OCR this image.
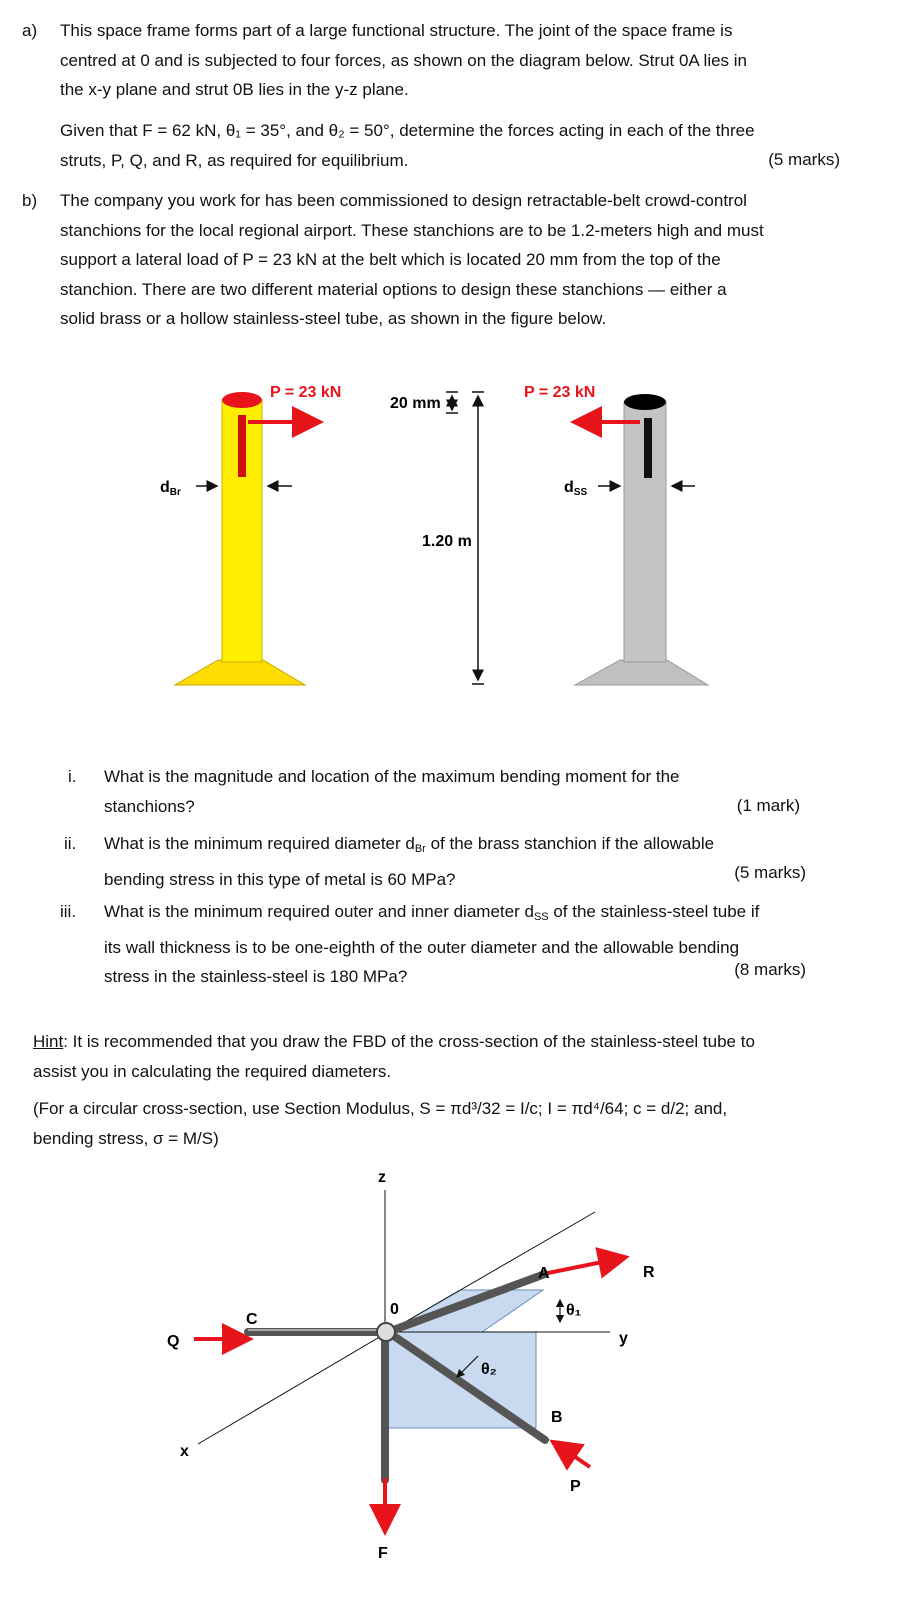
a) This space frame forms part of a large functional structure. The joint of the space frame is
centred at 0 and is subjected to four forces, as shown on the diagram below. Strut 0A lies in
the x-y plane and strut 0B lies in the y-z plane.
Given that F = 62 kN, θ₁ = 35°, and θ₂ = 50°, determine the forces acting in each of the three
struts, P, Q, and R, as required for equilibrium.	(5 marks)
b) The company you work for has been commissioned to design retractable-belt crowd-control
stanchions for the local regional airport. These stanchions are to be 1.2-meters high and must
support a lateral load of P = 23 kN at the belt which is located 20 mm from the top of the
stanchion. There are two different material options to design these stanchions — either a
solid brass or a hollow stainless-steel tube, as shown in the figure below.
P = 23 kN
dBr
20 mm
1.20 m
P = 23 kN
dSS
i. What is the magnitude and location of the maximum bending moment for the
stanchions?	(1 mark)
ii. What is the minimum required diameter $d_{Br}$ of the brass stanchion if the allowable
bending stress in this type of metal is 60 MPa?	(5 marks)
iii. What is the minimum required outer and inner diameter $d_{SS}$ of the stainless-steel tube if
its wall thickness is to be one-eighth of the outer diameter and the allowable bending
stress in the stainless-steel is 180 MPa?	(8 marks)
Hint: It is recommended that you draw the FBD of the cross-section of the stainless-steel tube to
assist you in calculating the required diameters.
(For a circular cross-section, use Section Modulus, S = πd³/32 = I/c; I = πd⁴/64; c = d/2; and,
bending stress, σ = M/S)
z
y
x
0
A
B
C
R
P
Q
F
θ₁
θ₂
